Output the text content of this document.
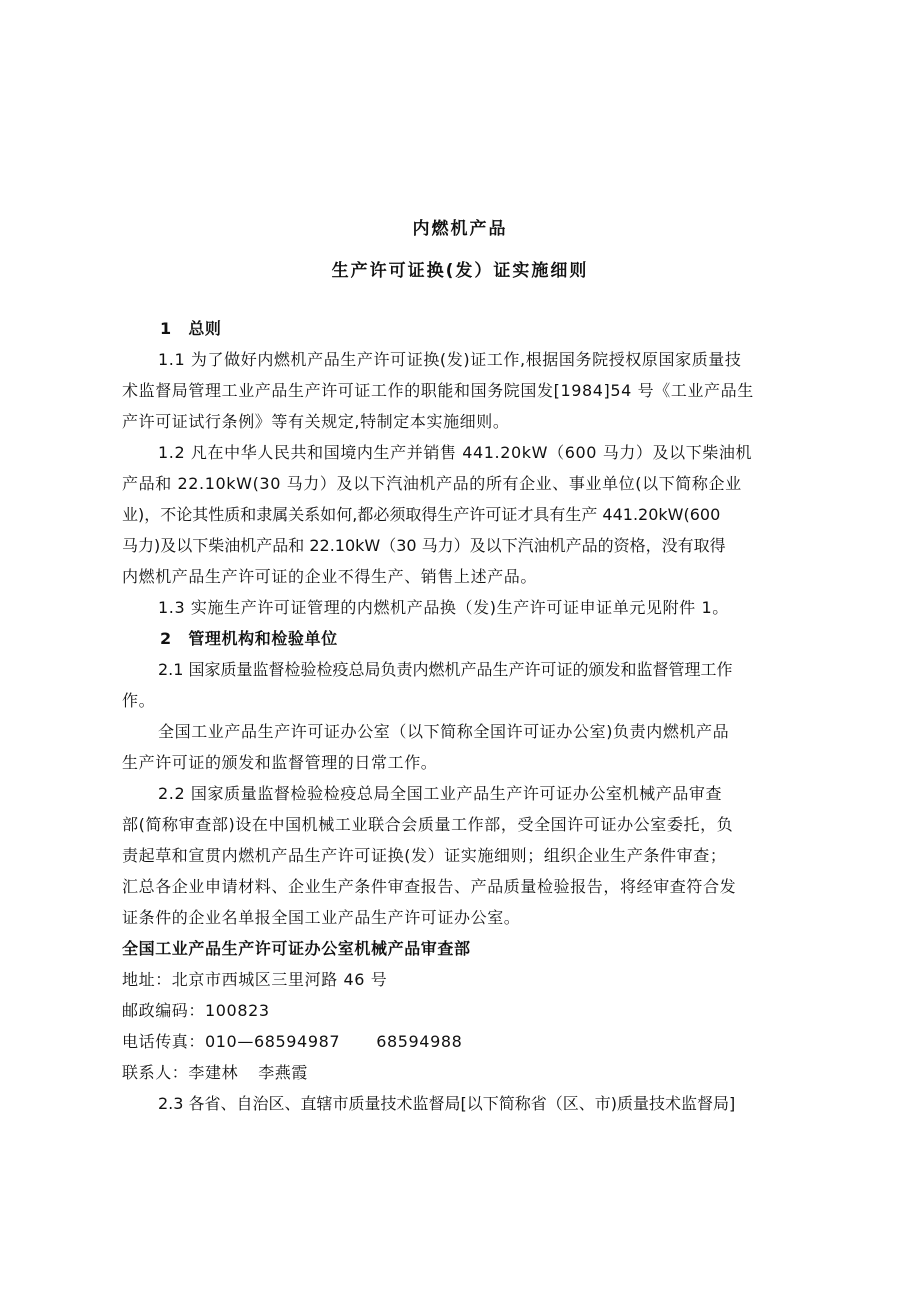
内燃机产品
生产许可证换(发）证实施细则
1　总则
1.1 为了做好内燃机产品生产许可证换(发)证工作,根据国务院授权原国家质量技
术监督局管理工业产品生产许可证工作的职能和国务院国发[1984]54 号《工业产品生
产许可证试行条例》等有关规定,特制定本实施细则。
1.2 凡在中华人民共和国境内生产并销售 441.20kW（600 马力）及以下柴油机
产品和 22.10kW(30 马力）及以下汽油机产品的所有企业、事业单位(以下简称企业
业)，不论其性质和隶属关系如何,都必须取得生产许可证才具有生产 441.20kW(600
马力)及以下柴油机产品和 22.10kW（30 马力）及以下汽油机产品的资格，没有取得
内燃机产品生产许可证的企业不得生产、销售上述产品。
1.3 实施生产许可证管理的内燃机产品换（发)生产许可证申证单元见附件 1。
2　管理机构和检验单位
2.1 国家质量监督检验检疫总局负责内燃机产品生产许可证的颁发和监督管理工作
作。
全国工业产品生产许可证办公室（以下简称全国许可证办公室)负责内燃机产品
生产许可证的颁发和监督管理的日常工作。
2.2 国家质量监督检验检疫总局全国工业产品生产许可证办公室机械产品审查
部(简称审查部)设在中国机械工业联合会质量工作部，受全国许可证办公室委托，负
责起草和宣贯内燃机产品生产许可证换(发）证实施细则；组织企业生产条件审查；
汇总各企业申请材料、企业生产条件审查报告、产品质量检验报告，将经审查符合发
证条件的企业名单报全国工业产品生产许可证办公室。
全国工业产品生产许可证办公室机械产品审查部
地址：北京市西城区三里河路 46 号
邮政编码：100823
电话传真：010—68594987 68594988
联系人：李建林 李燕霞
2.3 各省、自治区、直辖市质量技术监督局[以下简称省（区、市)质量技术监督局]
